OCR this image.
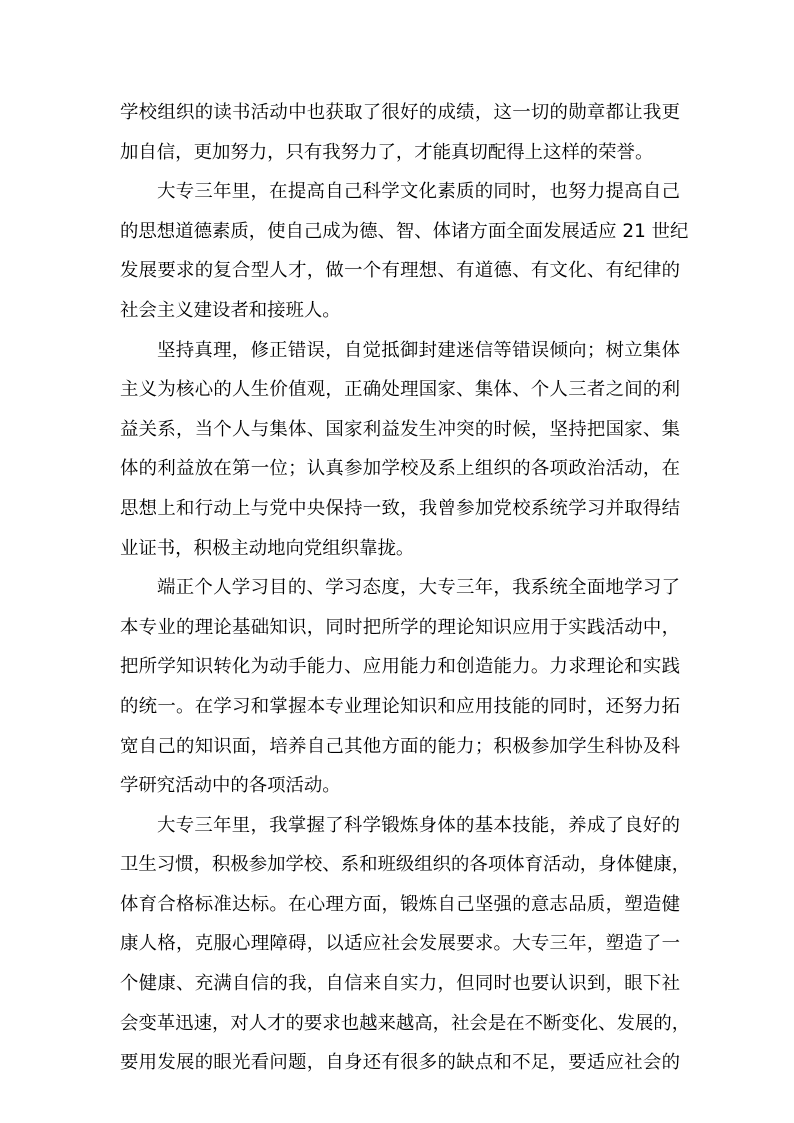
学校组织的读书活动中也获取了很好的成绩，这一切的勋章都让我更
加自信，更加努力，只有我努力了，才能真切配得上这样的荣誉。
大专三年里，在提高自己科学文化素质的同时，也努力提高自己
的思想道德素质，使自己成为德、智、体诸方面全面发展适应 21 世纪
发展要求的复合型人才，做一个有理想、有道德、有文化、有纪律的
社会主义建设者和接班人。
坚持真理，修正错误，自觉抵御封建迷信等错误倾向；树立集体
主义为核心的人生价值观，正确处理国家、集体、个人三者之间的利
益关系，当个人与集体、国家利益发生冲突的时候，坚持把国家、集
体的利益放在第一位；认真参加学校及系上组织的各项政治活动，在
思想上和行动上与党中央保持一致，我曾参加党校系统学习并取得结
业证书，积极主动地向党组织靠拢。
端正个人学习目的、学习态度，大专三年，我系统全面地学习了
本专业的理论基础知识，同时把所学的理论知识应用于实践活动中，
把所学知识转化为动手能力、应用能力和创造能力。力求理论和实践
的统一。在学习和掌握本专业理论知识和应用技能的同时，还努力拓
宽自己的知识面，培养自己其他方面的能力；积极参加学生科协及科
学研究活动中的各项活动。
大专三年里，我掌握了科学锻炼身体的基本技能，养成了良好的
卫生习惯，积极参加学校、系和班级组织的各项体育活动，身体健康，
体育合格标准达标。在心理方面，锻炼自己坚强的意志品质，塑造健
康人格，克服心理障碍，以适应社会发展要求。大专三年，塑造了一
个健康、充满自信的我，自信来自实力，但同时也要认识到，眼下社
会变革迅速，对人才的要求也越来越高，社会是在不断变化、发展的，
要用发展的眼光看问题，自身还有很多的缺点和不足，要适应社会的
